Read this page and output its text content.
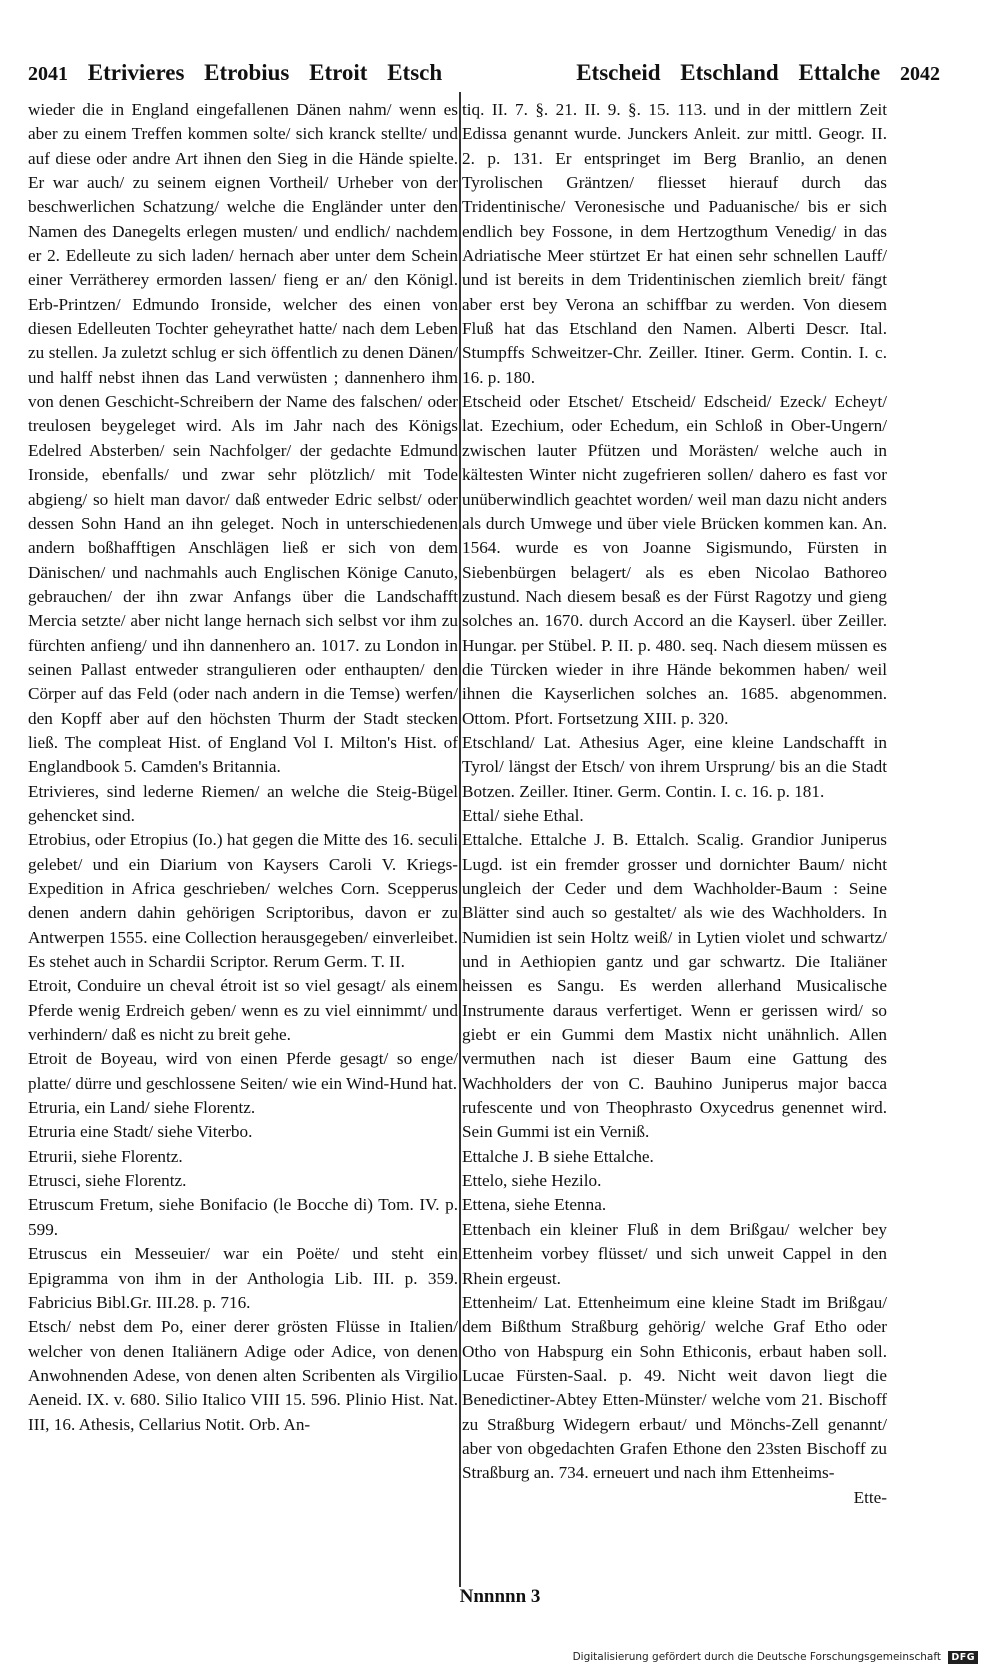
2041 Etrivieres Etrobius Etroit Etsch	Etscheid Etschland Ettalche 2042

wieder die in England eingefallenen Dänen nahm/ wenn es aber zu einem Treffen kommen solte/ sich kranck stellte/ und auf diese oder andre Art ihnen den Sieg in die Hände spielte. Er war auch/ zu seinem eignen Vortheil/ Urheber von der beschwerlichen Schatzung/ welche die Engländer unter den Namen des Danegelts erlegen musten/ und endlich/ nachdem er 2. Edelleute zu sich laden/ hernach aber unter dem Schein einer Verrätherey ermorden lassen/ fieng er an/ den Königl. Erb-Printzen/ Edmundo Ironside, welcher des einen von diesen Edelleuten Tochter geheyrathet hatte/ nach dem Leben zu stellen. Ja zuletzt schlug er sich öffentlich zu denen Dänen/ und halff nebst ihnen das Land verwüsten ; dannenhero ihm von denen Geschicht-Schreibern der Name des falschen/ oder treulosen beygeleget wird. Als im Jahr nach des Königs Edelred Absterben/ sein Nachfolger/ der gedachte Edmund Ironside, ebenfalls/ und zwar sehr plötzlich/ mit Tode abgieng/ so hielt man davor/ daß entweder Edric selbst/ oder dessen Sohn Hand an ihn geleget. Noch in unterschiedenen andern boßhafftigen Anschlägen ließ er sich von dem Dänischen/ und nachmahls auch Englischen Könige Canuto, gebrauchen/ der ihn zwar Anfangs über die Landschafft Mercia setzte/ aber nicht lange hernach sich selbst vor ihm zu fürchten anfieng/ und ihn dannenhero an. 1017. zu London in seinen Pallast entweder strangulieren oder enthaupten/ den Cörper auf das Feld (oder nach andern in die Temse) werfen/ den Kopff aber auf den höchsten Thurm der Stadt stecken ließ. The compleat Hist. of England Vol I. Milton's Hist. of Englandbook 5. Camden's Britannia.

Etrivieres, sind lederne Riemen/ an welche die Steig-Bügel gehencket sind.

Etrobius, oder Etropius (Io.) hat gegen die Mitte des 16. seculi gelebet/ und ein Diarium von Kaysers Caroli V. Kriegs-Expedition in Africa geschrieben/ welches Corn. Scepperus denen andern dahin gehörigen Scriptoribus, davon er zu Antwerpen 1555. eine Collection herausgegeben/ einverleibet. Es stehet auch in Schardii Scriptor. Rerum Germ. T. II.

Etroit, Conduire un cheval étroit ist so viel gesagt/ als einem Pferde wenig Erdreich geben/ wenn es zu viel einnimmt/ und verhindern/ daß es nicht zu breit gehe.

Etroit de Boyeau, wird von einen Pferde gesagt/ so enge/ platte/ dürre und geschlossene Seiten/ wie ein Wind-Hund hat.

Etruria, ein Land/ siehe Florentz.

Etruria eine Stadt/ siehe Viterbo.

Etrurii, siehe Florentz.

Etrusci, siehe Florentz.

Etruscum Fretum, siehe Bonifacio (le Bocche di) Tom. IV. p. 599.

Etruscus ein Messeuier/ war ein Poëte/ und steht ein Epigramma von ihm in der Anthologia Lib. III. p. 359. Fabricius Bibl.Gr. III.28. p. 716.

Etsch/ nebst dem Po, einer derer grösten Flüsse in Italien/ welcher von denen Italiänern Adige oder Adice, von denen Anwohnenden Adese, von denen alten Scribenten als Virgilio Aeneid. IX. v. 680. Silio Italico VIII 15. 596. Plinio Hist. Nat. III, 16. Athesis, Cellarius Notit. Orb. An-

tiq. II. 7. §. 21. II. 9. §. 15. 113. und in der mittlern Zeit Edissa genannt wurde. Junckers Anleit. zur mittl. Geogr. II. 2. p. 131. Er entspringet im Berg Branlio, an denen Tyrolischen Gräntzen/ fliesset hierauf durch das Tridentinische/ Veronesische und Paduanische/ bis er sich endlich bey Fossone, in dem Hertzogthum Venedig/ in das Adriatische Meer stürtzet Er hat einen sehr schnellen Lauff/ und ist bereits in dem Tridentinischen ziemlich breit/ fängt aber erst bey Verona an schiffbar zu werden. Von diesem Fluß hat das Etschland den Namen. Alberti Descr. Ital. Stumpffs Schweitzer-Chr. Zeiller. Itiner. Germ. Contin. I. c. 16. p. 180.

Etscheid oder Etschet/ Etscheid/ Edscheid/ Ezeck/ Echeyt/ lat. Ezechium, oder Echedum, ein Schloß in Ober-Ungern/ zwischen lauter Pfützen und Morästen/ welche auch in kältesten Winter nicht zugefrieren sollen/ dahero es fast vor unüberwindlich geachtet worden/ weil man dazu nicht anders als durch Umwege und über viele Brücken kommen kan. An. 1564. wurde es von Joanne Sigismundo, Fürsten in Siebenbürgen belagert/ als es eben Nicolao Bathoreo zustund. Nach diesem besaß es der Fürst Ragotzy und gieng solches an. 1670. durch Accord an die Kayserl. über Zeiller. Hungar. per Stübel. P. II. p. 480. seq. Nach diesem müssen es die Türcken wieder in ihre Hände bekommen haben/ weil ihnen die Kayserlichen solches an. 1685. abgenommen. Ottom. Pfort. Fortsetzung XIII. p. 320.

Etschland/ Lat. Athesius Ager, eine kleine Landschafft in Tyrol/ längst der Etsch/ von ihrem Ursprung/ bis an die Stadt Botzen. Zeiller. Itiner. Germ. Contin. I. c. 16. p. 181.

Ettal/ siehe Ethal.

Ettalche. Ettalche J. B. Ettalch. Scalig. Grandior Juniperus Lugd. ist ein fremder grosser und dornichter Baum/ nicht ungleich der Ceder und dem Wachholder-Baum : Seine Blätter sind auch so gestaltet/ als wie des Wachholders. In Numidien ist sein Holtz weiß/ in Lytien violet und schwartz/ und in Aethiopien gantz und gar schwartz. Die Italiäner heissen es Sangu. Es werden allerhand Musicalische Instrumente daraus verfertiget. Wenn er gerissen wird/ so giebt er ein Gummi dem Mastix nicht unähnlich. Allen vermuthen nach ist dieser Baum eine Gattung des Wachholders der von C. Bauhino Juniperus major bacca rufescente und von Theophrasto Oxycedrus genennet wird. Sein Gummi ist ein Verniß.

Ettalche J. B siehe Ettalche.

Ettelo, siehe Hezilo.

Ettena, siehe Etenna.

Ettenbach ein kleiner Fluß in dem Brißgau/ welcher bey Ettenheim vorbey flüsset/ und sich unweit Cappel in den Rhein ergeust.

Ettenheim/ Lat. Ettenheimum eine kleine Stadt im Brißgau/ dem Bißthum Straßburg gehörig/ welche Graf Etho oder Otho von Habspurg ein Sohn Ethiconis, erbaut haben soll. Lucae Fürsten-Saal. p. 49. Nicht weit davon liegt die Benedictiner-Abtey Etten-Münster/ welche vom 21. Bischoff zu Straßburg Widegern erbaut/ und Mönchs-Zell genannt/ aber von obgedachten Grafen Ethone den 23sten Bischoff zu Straßburg an. 734. erneuert und nach ihm Ettenheims-

Ette-

Nnnnnn 3
Digitalisierung gefördert durch die Deutsche Forschungsgemeinschaft DFG
